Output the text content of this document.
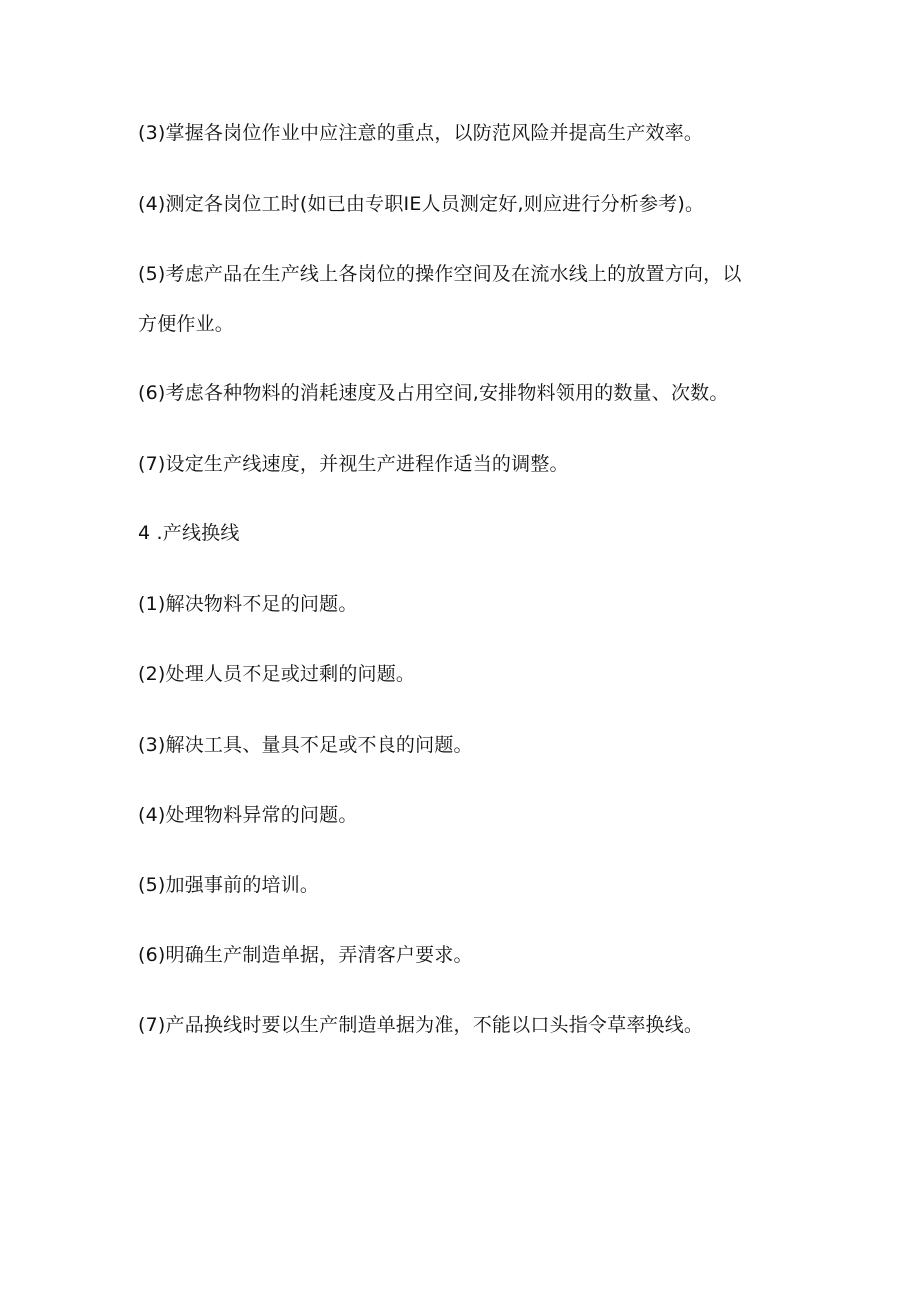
(3)掌握各岗位作业中应注意的重点，以防范风险并提高生产效率。
(4)测定各岗位工时(如已由专职IE人员测定好,则应进行分析参考)。
(5)考虑产品在生产线上各岗位的操作空间及在流水线上的放置方向，以
方便作业。
(6)考虑各种物料的消耗速度及占用空间,安排物料领用的数量、次数。
(7)设定生产线速度，并视生产进程作适当的调整。
4 .产线换线
(1)解决物料不足的问题。
(2)处理人员不足或过剩的问题。
(3)解决工具、量具不足或不良的问题。
(4)处理物料异常的问题。
(5)加强事前的培训。
(6)明确生产制造单据，弄清客户要求。
(7)产品换线时要以生产制造单据为准，不能以口头指令草率换线。
